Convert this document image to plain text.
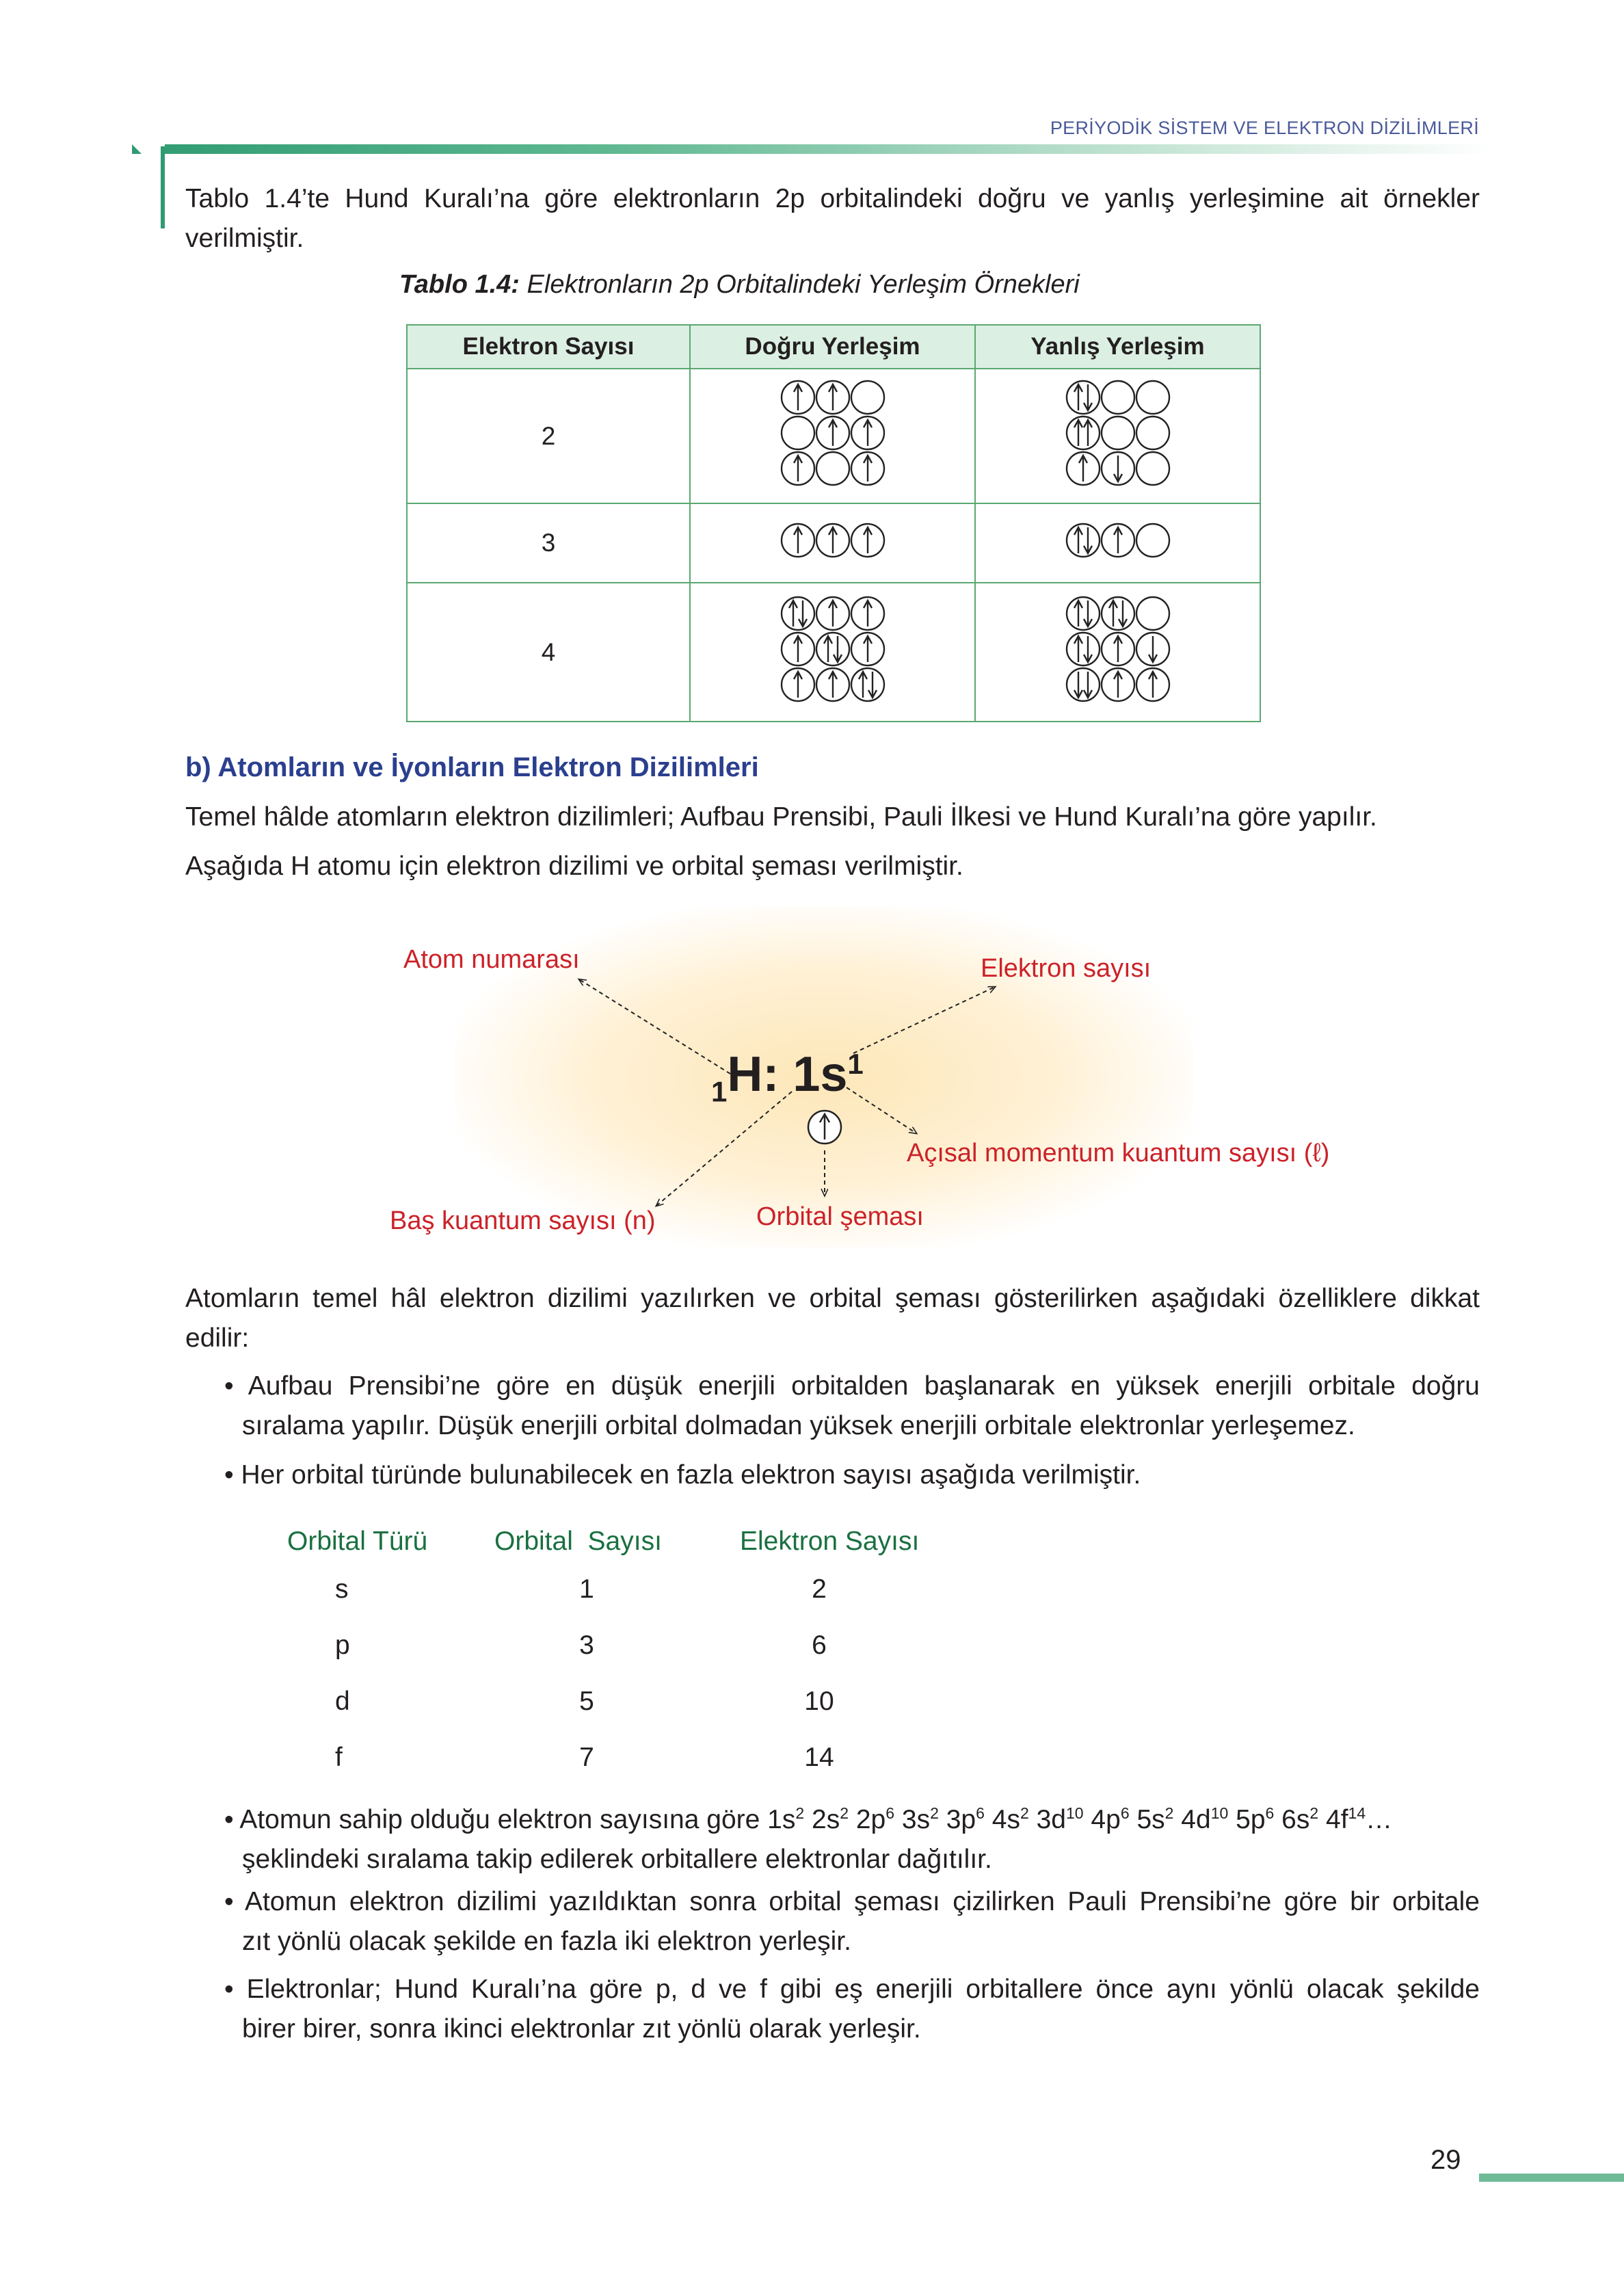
PERİYODİK SİSTEM VE ELEKTRON DİZİLİMLERİ
Tablo 1.4’te Hund Kuralı’na göre elektronların 2p orbitalindeki doğru ve yanlış yerleşimine ait örnekler
verilmiştir.
Tablo 1.4: Elektronların 2p Orbitalindeki Yerleşim Örnekleri
Elektron Sayısı	Doğru Yerleşim	Yanlış Yerleşim
2		
3		
4		
b) Atomların ve İyonların Elektron Dizilimleri
Temel hâlde atomların elektron dizilimleri; Aufbau Prensibi, Pauli İlkesi ve Hund Kuralı’na göre yapılır.
Aşağıda H atomu için elektron dizilimi ve orbital şeması verilmiştir.
Atom numarası	Elektron sayısı
Açısal momentum kuantum sayısı (ℓ)
Baş kuantum sayısı (n)	Orbital şeması
$_1$H: $1s^1$
Atomların temel hâl elektron dizilimi yazılırken ve orbital şeması gösterilirken aşağıdaki özelliklere dikkat
edilir:
• Aufbau Prensibi’ne göre en düşük enerjili orbitalden başlanarak en yüksek enerjili orbitale doğru
sıralama yapılır. Düşük enerjili orbital dolmadan yüksek enerjili orbitale elektronlar yerleşemez.
• Her orbital türünde bulunabilecek en fazla elektron sayısı aşağıda verilmiştir.
Orbital Türü	Orbital  Sayısı	Elektron Sayısı
s	1	2
p	3	6
d	5	10
f	7	14
• Atomun sahip olduğu elektron sayısına göre $1s^2$ $2s^2$ $2p^6$ $3s^2$ $3p^6$ $4s^2$ $3d^{10}$ $4p^6$ $5s^2$ $4d^{10}$ $5p^6$ $6s^2$ $4f^{14}\dots$
şeklindeki sıralama takip edilerek orbitallere elektronlar dağıtılır.
• Atomun elektron dizilimi yazıldıktan sonra orbital şeması çizilirken Pauli Prensibi’ne göre bir orbitale
zıt yönlü olacak şekilde en fazla iki elektron yerleşir.
• Elektronlar; Hund Kuralı’na göre p, d ve f gibi eş enerjili orbitallere önce aynı yönlü olacak şekilde
birer birer, sonra ikinci elektronlar zıt yönlü olarak yerleşir.
29
